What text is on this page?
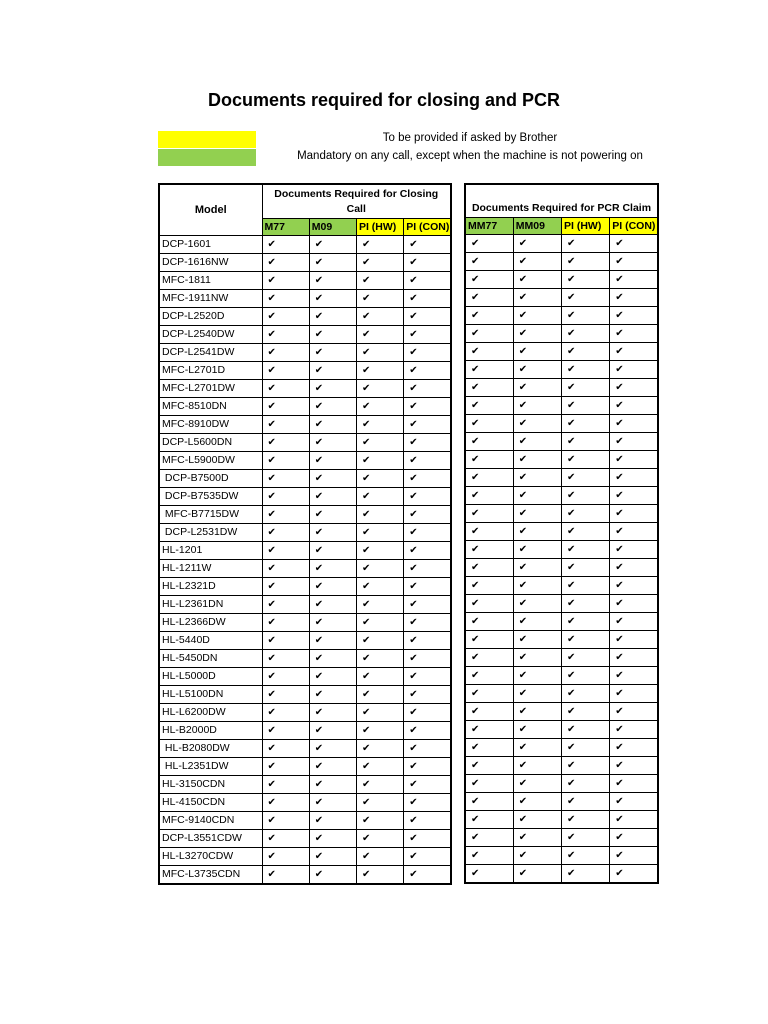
Documents required for closing and PCR
To be provided if asked by Brother
Mandatory on any call, except when the machine is not powering on
Model	Documents Required for Closing Call			
	M77	M09	PI (HW)	PI (CON)
DCP-1601	✔	✔	✔	✔
DCP-1616NW	✔	✔	✔	✔
MFC-1811	✔	✔	✔	✔
MFC-1911NW	✔	✔	✔	✔
DCP-L2520D	✔	✔	✔	✔
DCP-L2540DW	✔	✔	✔	✔
DCP-L2541DW	✔	✔	✔	✔
MFC-L2701D	✔	✔	✔	✔
MFC-L2701DW	✔	✔	✔	✔
MFC-8510DN	✔	✔	✔	✔
MFC-8910DW	✔	✔	✔	✔
DCP-L5600DN	✔	✔	✔	✔
MFC-L5900DW	✔	✔	✔	✔
DCP-B7500D	✔	✔	✔	✔
DCP-B7535DW	✔	✔	✔	✔
MFC-B7715DW	✔	✔	✔	✔
DCP-L2531DW	✔	✔	✔	✔
HL-1201	✔	✔	✔	✔
HL-1211W	✔	✔	✔	✔
HL-L2321D	✔	✔	✔	✔
HL-L2361DN	✔	✔	✔	✔
HL-L2366DW	✔	✔	✔	✔
HL-5440D	✔	✔	✔	✔
HL-5450DN	✔	✔	✔	✔
HL-L5000D	✔	✔	✔	✔
HL-L5100DN	✔	✔	✔	✔
HL-L6200DW	✔	✔	✔	✔
HL-B2000D	✔	✔	✔	✔
HL-B2080DW	✔	✔	✔	✔
HL-L2351DW	✔	✔	✔	✔
HL-3150CDN	✔	✔	✔	✔
HL-4150CDN	✔	✔	✔	✔
MFC-9140CDN	✔	✔	✔	✔
DCP-L3551CDW	✔	✔	✔	✔
HL-L3270CDW	✔	✔	✔	✔
MFC-L3735CDN	✔	✔	✔	✔
Documents Required for PCR Claim			
MM77	MM09	PI (HW)	PI (CON)
✔	✔	✔	✔
✔	✔	✔	✔
✔	✔	✔	✔
✔	✔	✔	✔
✔	✔	✔	✔
✔	✔	✔	✔
✔	✔	✔	✔
✔	✔	✔	✔
✔	✔	✔	✔
✔	✔	✔	✔
✔	✔	✔	✔
✔	✔	✔	✔
✔	✔	✔	✔
✔	✔	✔	✔
✔	✔	✔	✔
✔	✔	✔	✔
✔	✔	✔	✔
✔	✔	✔	✔
✔	✔	✔	✔
✔	✔	✔	✔
✔	✔	✔	✔
✔	✔	✔	✔
✔	✔	✔	✔
✔	✔	✔	✔
✔	✔	✔	✔
✔	✔	✔	✔
✔	✔	✔	✔
✔	✔	✔	✔
✔	✔	✔	✔
✔	✔	✔	✔
✔	✔	✔	✔
✔	✔	✔	✔
✔	✔	✔	✔
✔	✔	✔	✔
✔	✔	✔	✔
✔	✔	✔	✔
